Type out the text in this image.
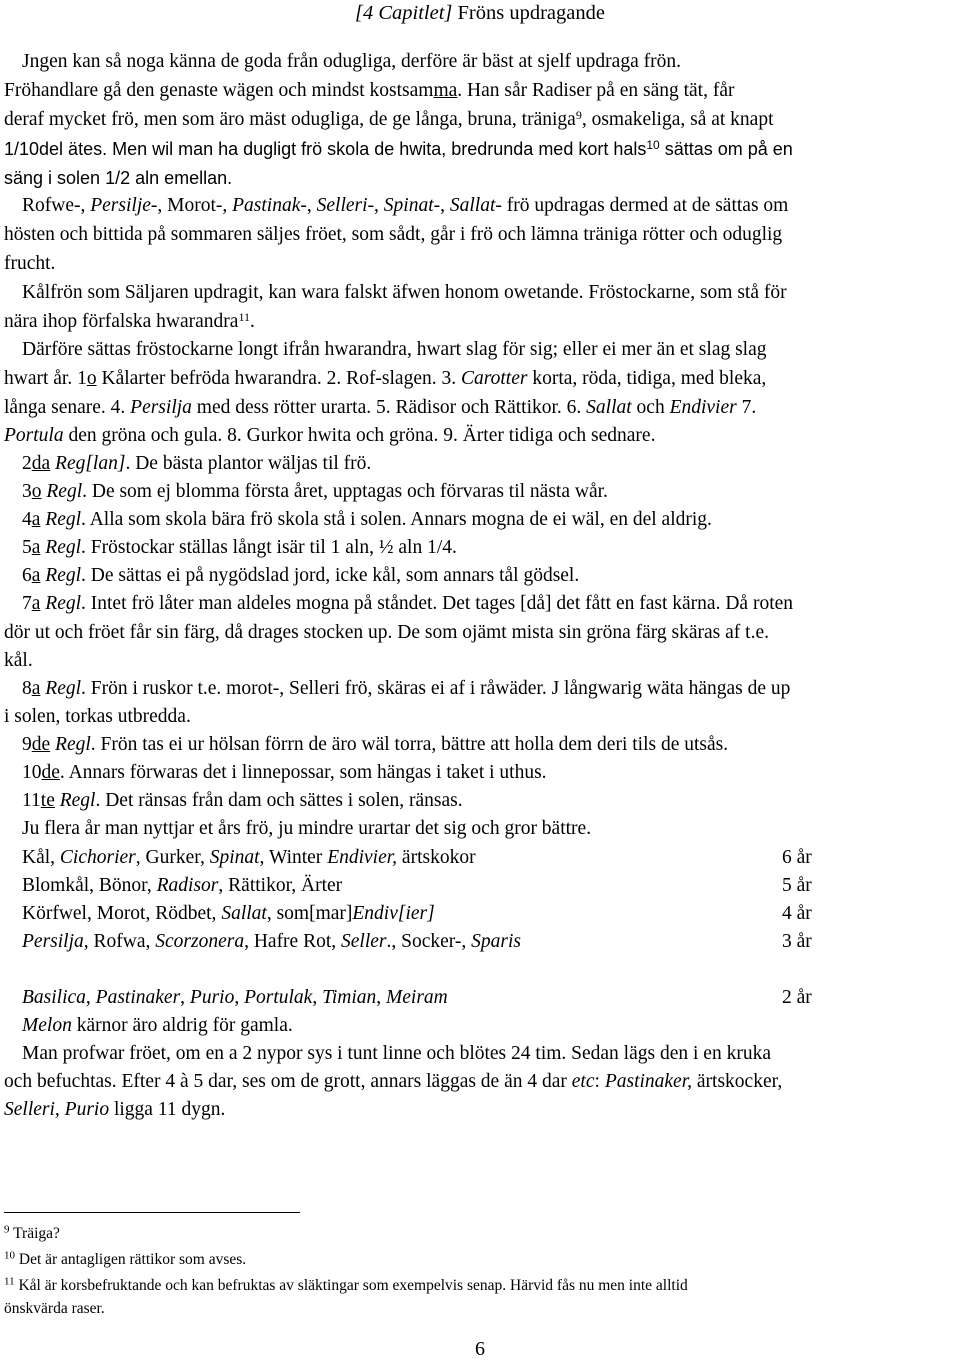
[4 Capitlet] Fröns updragande
Jngen kan så noga känna de goda från odugliga, derföre är bäst at sjelf updraga frön.
Fröhandlare gå den genaste wägen och mindst kostsamma. Han sår Radiser på en säng tät, får
deraf mycket frö, men som äro mäst odugliga, de ge långa, bruna, träniga$^9$, osmakeliga, så at knapt
1/10del ätes. Men wil man ha dugligt frö skola de hwita, bredrunda med kort hals$^{10}$ sättas om på en
säng i solen 1/2 aln emellan.
Rofwe-, Persilje-, Morot-, Pastinak-, Selleri-, Spinat-, Sallat- frö updragas dermed at de sättas om
hösten och bittida på sommaren säljes fröet, som sådt, går i frö och lämna träniga rötter och oduglig
frucht.
Kålfrön som Säljaren updragit, kan wara falskt äfwen honom owetande. Fröstockarne, som stå för
nära ihop förfalska hwarandra$^{11}$.
Därföre sättas fröstockarne longt ifrån hwarandra, hwart slag för sig; eller ei mer än et slag slag
hwart år. 1o Kålarter befröda hwarandra. 2. Rof-slagen. 3. Carotter korta, röda, tidiga, med bleka,
långa senare. 4. Persilja med dess rötter urarta. 5. Rädisor och Rättikor. 6. Sallat och Endivier 7.
Portula den gröna och gula. 8. Gurkor hwita och gröna. 9. Ärter tidiga och sednare.
2da Reg[lan]. De bästa plantor wäljas til frö.
3o Regl. De som ej blomma första året, upptagas och förvaras til nästa wår.
4a Regl. Alla som skola bära frö skola stå i solen. Annars mogna de ei wäl, en del aldrig.
5a Regl. Fröstockar ställas långt isär til 1 aln, ½ aln 1/4.
6a Regl. De sättas ei på nygödslad jord, icke kål, som annars tål gödsel.
7a Regl. Intet frö låter man aldeles mogna på ståndet. Det tages [då] det fått en fast kärna. Då roten
dör ut och fröet får sin färg, då drages stocken up. De som ojämt mista sin gröna färg skäras af t.e.
kål.
8a Regl. Frön i ruskor t.e. morot-, Selleri frö, skäras ei af i råwäder. J långwarig wäta hängas de up
i solen, torkas utbredda.
9de Regl. Frön tas ei ur hölsan förrn de äro wäl torra, bättre att holla dem deri tils de utsås.
10de. Annars förwaras det i linnepossar, som hängas i taket i uthus.
11te Regl. Det ränsas från dam och sättes i solen, ränsas.
Ju flera år man nyttjar et års frö, ju mindre urartar det sig och gror bättre.
Kål, Cichorier, Gurker, Spinat, Winter Endivier, ärtskokor	6 år
Blomkål, Bönor, Radisor, Rättikor, Ärter	5 år
Körfwel, Morot, Rödbet, Sallat, som[mar]Endiv[ier]	4 år
Persilja, Rofwa, Scorzonera, Hafre Rot, Seller., Socker-, Sparis	3 år
Basilica, Pastinaker, Purio, Portulak, Timian, Meiram	2 år
Melon kärnor äro aldrig för gamla.
Man profwar fröet, om en a 2 nypor sys i tunt linne och blötes 24 tim. Sedan lägs den i en kruka
och befuchtas. Efter 4 à 5 dar, ses om de grott, annars läggas de än 4 dar etc: Pastinaker, ärtskocker,
Selleri, Purio ligga 11 dygn.
$^9$ Träiga?
$^{10}$ Det är antagligen rättikor som avses.
$^{11}$ Kål är korsbefruktande och kan befruktas av släktingar som exempelvis senap. Härvid fås nu men inte alltid
önskvärda raser.
6
